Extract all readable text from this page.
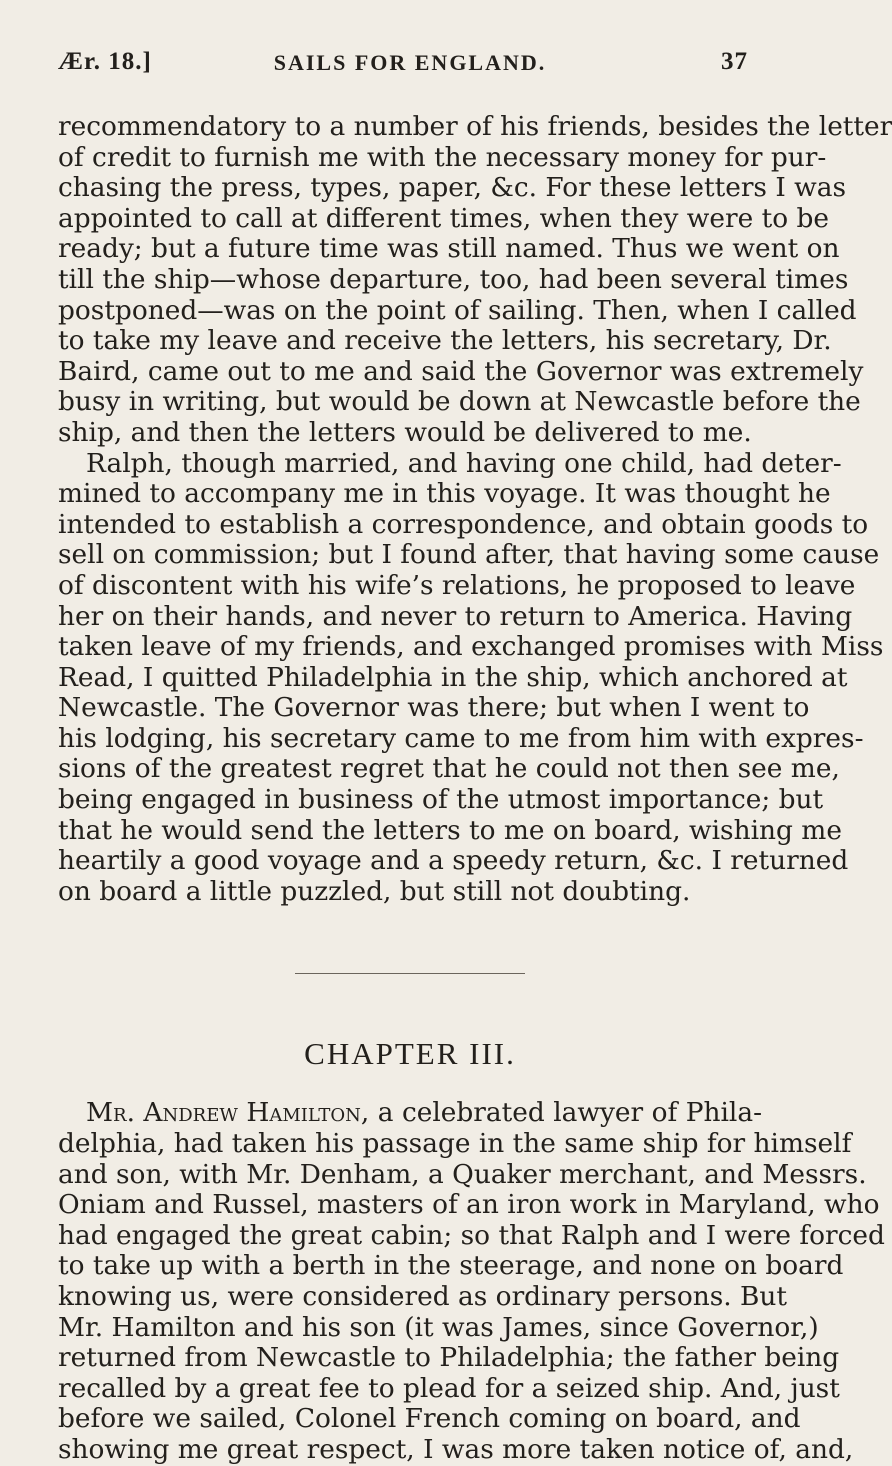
Ær. 18.]	SAILS FOR ENGLAND.	37

recommendatory to a number of his friends, besides the letter
of credit to furnish me with the necessary money for pur-
chasing the press, types, paper, &c. For these letters I was
appointed to call at different times, when they were to be
ready; but a future time was still named. Thus we went on
till the ship—whose departure, too, had been several times
postponed—was on the point of sailing. Then, when I called
to take my leave and receive the letters, his secretary, Dr.
Baird, came out to me and said the Governor was extremely
busy in writing, but would be down at Newcastle before the
ship, and then the letters would be delivered to me.

Ralph, though married, and having one child, had deter-
mined to accompany me in this voyage. It was thought he
intended to establish a correspondence, and obtain goods to
sell on commission; but I found after, that having some cause
of discontent with his wife’s relations, he proposed to leave
her on their hands, and never to return to America. Having
taken leave of my friends, and exchanged promises with Miss
Read, I quitted Philadelphia in the ship, which anchored at
Newcastle. The Governor was there; but when I went to
his lodging, his secretary came to me from him with expres-
sions of the greatest regret that he could not then see me,
being engaged in business of the utmost importance; but
that he would send the letters to me on board, wishing me
heartily a good voyage and a speedy return, &c. I returned
on board a little puzzled, but still not doubting.

CHAPTER III.

Mr. Andrew Hamilton, a celebrated lawyer of Phila-
delphia, had taken his passage in the same ship for himself
and son, with Mr. Denham, a Quaker merchant, and Messrs.
Oniam and Russel, masters of an iron work in Maryland, who
had engaged the great cabin; so that Ralph and I were forced
to take up with a berth in the steerage, and none on board
knowing us, were considered as ordinary persons. But
Mr. Hamilton and his son (it was James, since Governor,)
returned from Newcastle to Philadelphia; the father being
recalled by a great fee to plead for a seized ship. And, just
before we sailed, Colonel French coming on board, and
showing me great respect, I was more taken notice of, and,
